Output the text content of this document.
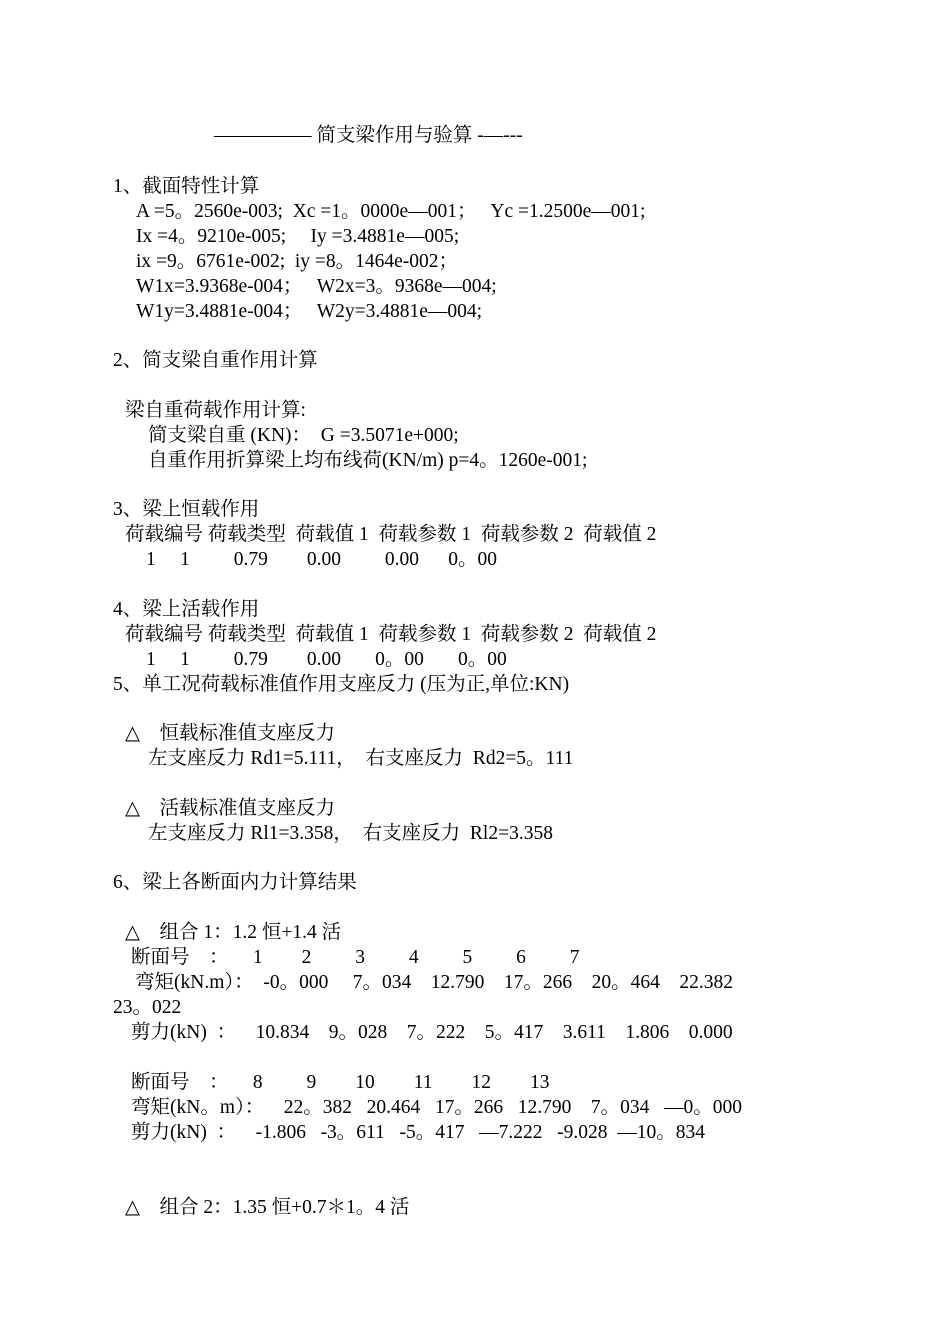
————— 简支梁作用与验算 -—---
1、截面特性计算
A =5。2560e-003;  Xc =1。0000e—001；   Yc =1.2500e—001;
Ix =4。9210e-005;     Iy =3.4881e—005;
ix =9。6761e-002;  iy =8。1464e-002；
W1x=3.9368e-004；   W2x=3。9368e—004;
W1y=3.4881e-004；   W2y=3.4881e—004;
2、简支梁自重作用计算
梁自重荷载作用计算:
简支梁自重 (KN)：  G =3.5071e+000;
自重作用折算梁上均布线荷(KN/m) p=4。1260e-001;
3、梁上恒载作用
荷载编号 荷载类型  荷载值 1  荷载参数 1  荷载参数 2  荷载值 2
1     1         0.79        0.00         0.00      0。00
4、梁上活载作用
荷载编号 荷载类型  荷载值 1  荷载参数 1  荷载参数 2  荷载值 2
1     1         0.79        0.00       0。00       0。00
5、单工况荷载标准值作用支座反力 (压为正,单位:KN)
△    恒载标准值支座反力
左支座反力 Rd1=5.111，  右支座反力  Rd2=5。111
△    活载标准值支座反力
左支座反力 Rl1=3.358，  右支座反力  Rl2=3.358
6、梁上各断面内力计算结果
△    组合 1：1.2 恒+1.4 活
断面号    ：     1        2         3         4         5         6         7
弯矩(kN.m）：  -0。000     7。034    12.790    17。266    20。464    22.382
23。022
剪力(kN)  ：    10.834    9。028    7。222    5。417    3.611    1.806    0.000
断面号    ：     8         9        10        11        12        13
弯矩(kN。m）：    22。382   20.464   17。266   12.790    7。034   —0。000
剪力(kN)  ：    -1.806   -3。611   -5。417   —7.222   -9.028  —10。834
△    组合 2：1.35 恒+0.7＊1。4 活
